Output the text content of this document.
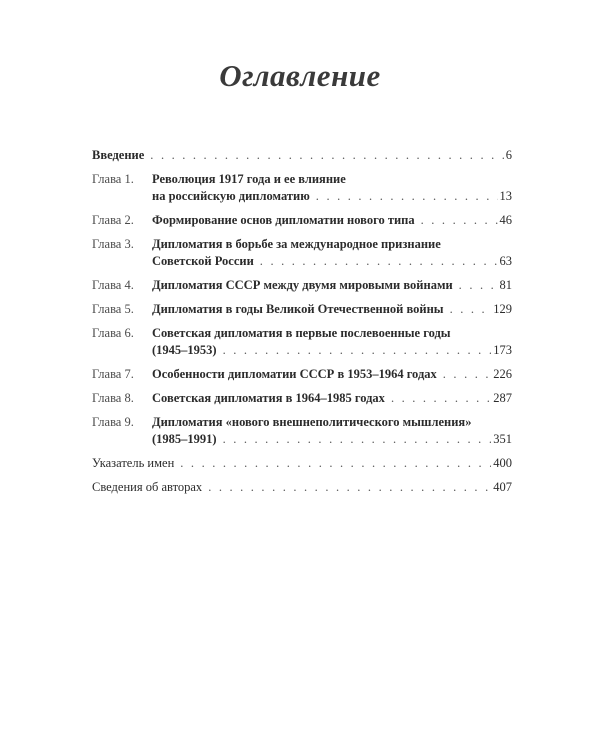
Оглавление
Введение . . .	6
Глава 1.	Революция 1917 года и ее влияние
на российскую дипломатию . . .	13
Глава 2.	Формирование основ дипломатии нового типа . . .	46
Глава 3.	Дипломатия в борьбе за международное признание
Советской России . . .	63
Глава 4.	Дипломатия СССР между двумя мировыми войнами . . .	81
Глава 5.	Дипломатия в годы Великой Отечественной войны . . .	129
Глава 6.	Советская дипломатия в первые послевоенные годы
(1945–1953) . . .	173
Глава 7.	Особенности дипломатии СССР в 1953–1964 годах . . .	226
Глава 8.	Советская дипломатия в 1964–1985 годах . . .	287
Глава 9.	Дипломатия «нового внешнеполитического мышления»
(1985–1991) . . .	351
Указатель имен . . .	400
Сведения об авторах . . .	407
